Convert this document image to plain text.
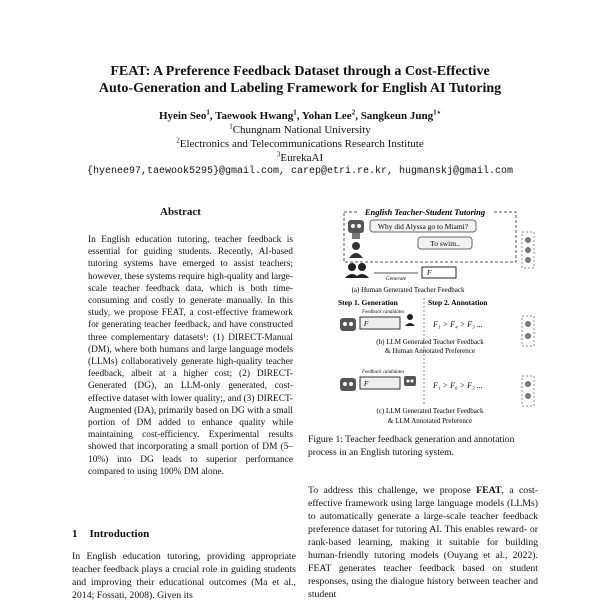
FEAT: A Preference Feedback Dataset through a Cost-Effective
Auto-Generation and Labeling Framework for English AI Tutoring
Hyein Seo$^1$, Taewook Hwang$^1$, Yohan Lee$^2$, Sangkeun Jung$^{1⋆}$
$^1$Chungnam National University
$^2$Electronics and Telecommunications Research Institute
$^3$EurekaAI
{hyenee97,taewook5295}@gmail.com, carep@etri.re.kr, hugmanskj@gmail.com
Abstract
In English education tutoring, teacher feedback is essential for guiding students. Recently, AI-based tutoring systems have emerged to assist teachers; however, these systems require high-quality and large-scale teacher feedback data, which is both time-consuming and costly to generate manually. In this study, we propose FEAT, a cost-effective framework for generating teacher feedback, and have constructed three complementary datasets¹: (1) DIRECT-Manual (DM), where both humans and large language models (LLMs) collaboratively generate high-quality teacher feedback, albeit at a higher cost; (2) DIRECT-Generated (DG), an LLM-only generated, cost-effective dataset with lower quality;, and (3) DIRECT-Augmented (DA), primarily based on DG with a small portion of DM added to enhance quality while maintaining cost-efficiency. Experimental results showed that incorporating a small portion of DM (5–10%) into DG leads to superior performance compared to using 100% DM alone.
1 Introduction
In English education tutoring, providing appropriate teacher feedback plays a crucial role in guiding students and improving their educational outcomes (Ma et al., 2014; Fossati, 2008). Given its
English Teacher-Student Tutoring
Why did Alyssa go to Miami?
To swim..
Generate
F
(a) Human Generated Teacher Feedback
Step 1. Generation	Step 2. Annotation
Feedback candidates
F	F₁ > F₄ > F₃ ...
(b) LLM Generated Teacher Feedback
& Human Annotated Preference
Feedback candidates
F	F₁ > F₆ > F₃ ...
(c) LLM Generated Teacher Feedback
& LLM Annotated Preference
Figure 1: Teacher feedback generation and annotation process in an English tutoring system.
To address this challenge, we propose FEAT, a cost-effective framework using large language models (LLMs) to automatically generate a large-scale teacher feedback preference dataset for tutoring AI. This enables reward- or rank-based learning, making it suitable for building human-friendly tutoring models (Ouyang et al., 2022). FEAT generates teacher feedback based on student responses, using the dialogue history between teacher and student
